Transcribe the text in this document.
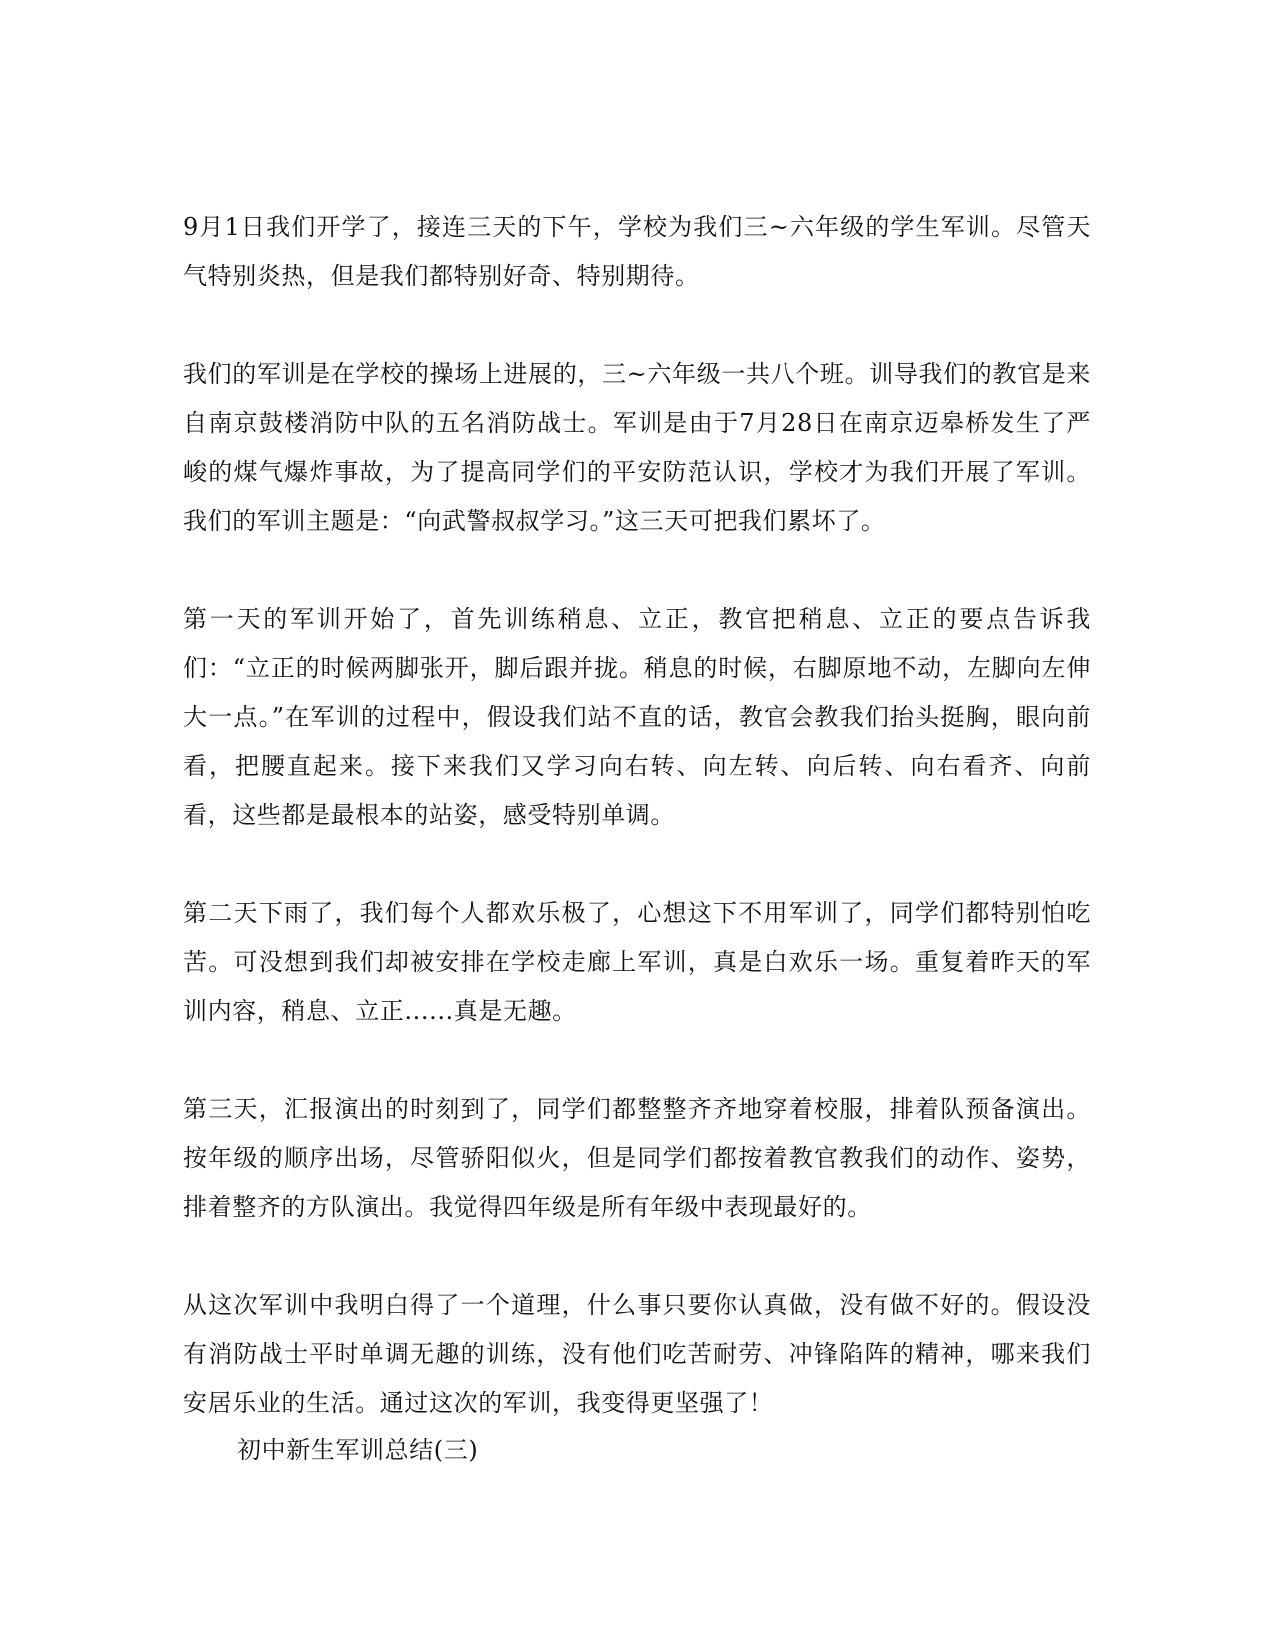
9月1日我们开学了，接连三天的下午，学校为我们三~六年级的学生军训。尽管天气特别炎热，但是我们都特别好奇、特别期待。

我们的军训是在学校的操场上进展的，三~六年级一共八个班。训导我们的教官是来自南京鼓楼消防中队的五名消防战士。军训是由于7月28日在南京迈皋桥发生了严峻的煤气爆炸事故，为了提高同学们的平安防范认识，学校才为我们开展了军训。我们的军训主题是：“向武警叔叔学习。”这三天可把我们累坏了。

第一天的军训开始了，首先训练稍息、立正，教官把稍息、立正的要点告诉我们：“立正的时候两脚张开，脚后跟并拢。稍息的时候，右脚原地不动，左脚向左伸大一点。”在军训的过程中，假设我们站不直的话，教官会教我们抬头挺胸，眼向前看，把腰直起来。接下来我们又学习向右转、向左转、向后转、向右看齐、向前看，这些都是最根本的站姿，感受特别单调。

第二天下雨了，我们每个人都欢乐极了，心想这下不用军训了，同学们都特别怕吃苦。可没想到我们却被安排在学校走廊上军训，真是白欢乐一场。重复着昨天的军训内容，稍息、立正......真是无趣。

第三天，汇报演出的时刻到了，同学们都整整齐齐地穿着校服，排着队预备演出。按年级的顺序出场，尽管骄阳似火，但是同学们都按着教官教我们的动作、姿势，排着整齐的方队演出。我觉得四年级是所有年级中表现最好的。

从这次军训中我明白得了一个道理，什么事只要你认真做，没有做不好的。假设没有消防战士平时单调无趣的训练，没有他们吃苦耐劳、冲锋陷阵的精神，哪来我们安居乐业的生活。通过这次的军训，我变得更坚强了！

初中新生军训总结(三)
